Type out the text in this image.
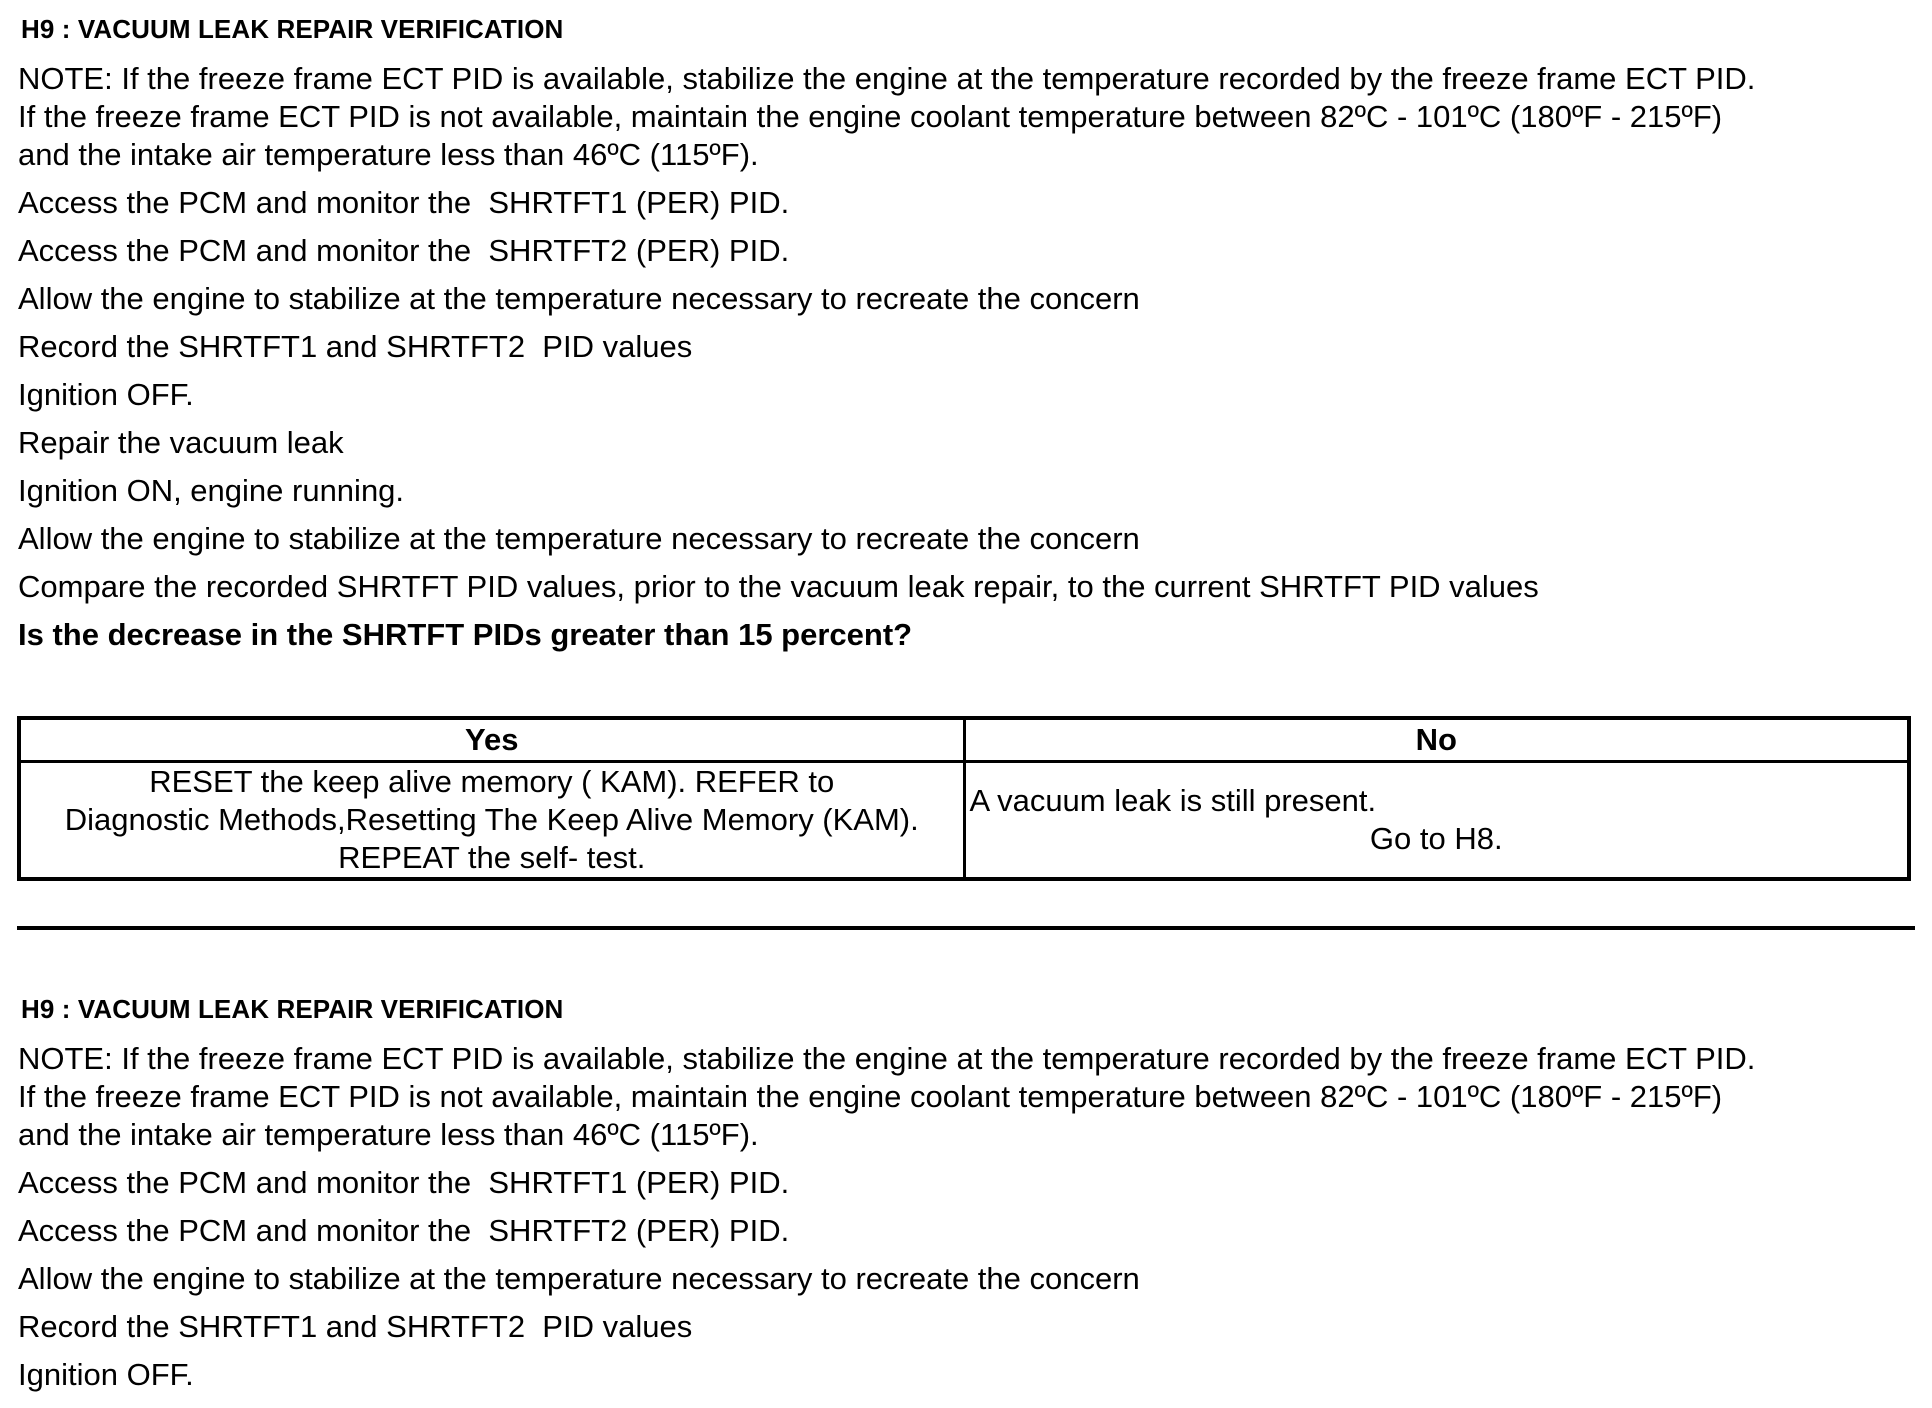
H9 : VACUUM LEAK REPAIR VERIFICATION
NOTE: If the freeze frame ECT PID is available, stabilize the engine at the temperature recorded by the freeze frame ECT PID.
If the freeze frame ECT PID is not available, maintain the engine coolant temperature between 82ºC - 101ºC (180ºF - 215ºF)
and the intake air temperature less than 46ºC (115ºF).
Access the PCM and monitor the  SHRTFT1 (PER) PID.
Access the PCM and monitor the  SHRTFT2 (PER) PID.
Allow the engine to stabilize at the temperature necessary to recreate the concern
Record the SHRTFT1 and SHRTFT2  PID values
Ignition OFF.
Repair the vacuum leak
Ignition ON, engine running.
Allow the engine to stabilize at the temperature necessary to recreate the concern
Compare the recorded SHRTFT PID values, prior to the vacuum leak repair, to the current SHRTFT PID values
Is the decrease in the SHRTFT PIDs greater than 15 percent?
Yes	No

RESET the keep alive memory ( KAM). REFER to
Diagnostic Methods,Resetting The Keep Alive Memory (KAM).
REPEAT the self- test.	A vacuum leak is still present.
Go to H8.
H9 : VACUUM LEAK REPAIR VERIFICATION
NOTE: If the freeze frame ECT PID is available, stabilize the engine at the temperature recorded by the freeze frame ECT PID.
If the freeze frame ECT PID is not available, maintain the engine coolant temperature between 82ºC - 101ºC (180ºF - 215ºF)
and the intake air temperature less than 46ºC (115ºF).
Access the PCM and monitor the  SHRTFT1 (PER) PID.
Access the PCM and monitor the  SHRTFT2 (PER) PID.
Allow the engine to stabilize at the temperature necessary to recreate the concern
Record the SHRTFT1 and SHRTFT2  PID values
Ignition OFF.
